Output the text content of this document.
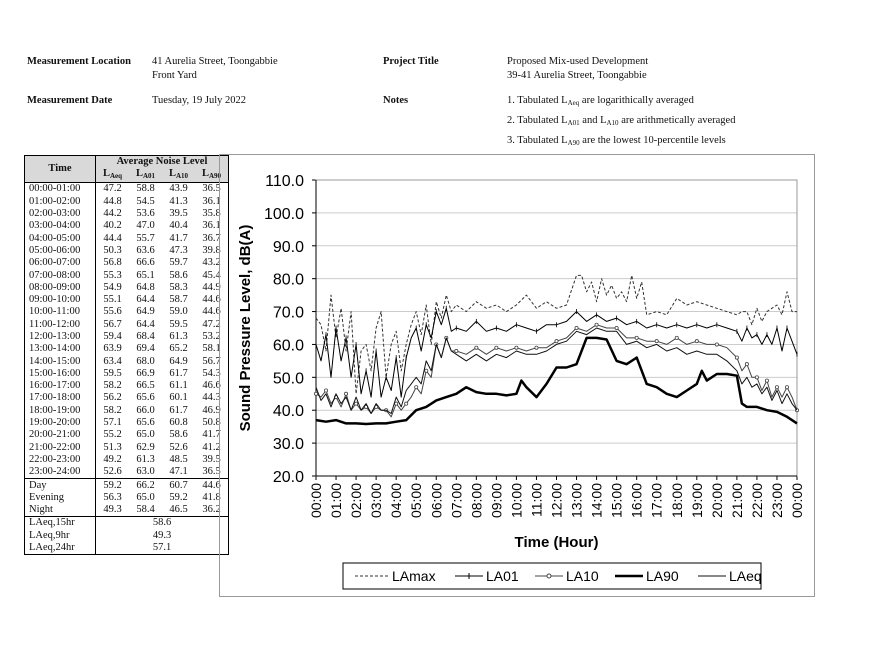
Measurement Location 41 Aurelia Street, Toongabbie
Front Yard
Project Title	Proposed Mix-used Development
39-41 Aurelia Street, Toongabbie
Measurement Date	Tuesday, 19 July 2022	Notes	1. Tabulated $L_{Aeq}$ are logarithically averaged
2. Tabulated $L_{A01}$ and $L_{A10}$ are arithmetically averaged
3. Tabulated $L_{A90}$ are the lowest 10-percentile levels
Time	Average Noise Level			
	$L_{Aeq}$	$L_{A01}$	$L_{A10}$	$L_{A90}$
00:00-01:00	47.2	58.8	43.9	36.5
01:00-02:00	44.8	54.5	41.3	36.1
02:00-03:00	44.2	53.6	39.5	35.8
03:00-04:00	40.2	47.0	40.4	36.1
04:00-05:00	44.4	55.7	41.7	36.7
05:00-06:00	50.3	63.6	47.3	39.8
06:00-07:00	56.8	66.6	59.7	43.2
07:00-08:00	55.3	65.1	58.6	45.4
08:00-09:00	54.9	64.8	58.3	44.9
09:00-10:00	55.1	64.4	58.7	44.6
10:00-11:00	55.6	64.9	59.0	44.6
11:00-12:00	56.7	64.4	59.5	47.2
12:00-13:00	59.4	68.4	61.3	53.2
13:00-14:00	63.9	69.4	65.2	58.1
14:00-15:00	63.4	68.0	64.9	56.7
15:00-16:00	59.5	66.9	61.7	54.3
16:00-17:00	58.2	66.5	61.1	46.6
17:00-18:00	56.2	65.6	60.1	44.3
18:00-19:00	58.2	66.0	61.7	46.9
19:00-20:00	57.1	65.6	60.8	50.8
20:00-21:00	55.2	65.0	58.6	41.7
21:00-22:00	51.3	62.9	52.6	41.2
22:00-23:00	49.2	61.3	48.5	39.5
23:00-24:00	52.6	63.0	47.1	36.5
Day	59.2	66.2	60.7	44.6
Evening	56.3	65.0	59.2	41.8
Night	49.3	58.4	46.5	36.2
LAeq,15hr	58.6			
LAeq,9hr	49.3			
LAeq,24hr	57.1			
20.0
30.0
40.0
50.0
60.0
70.0
80.0
90.0
100.0
110.0
00:00 01:00 02:00 03:00 04:00 05:00 06:00 07:00 08:00 09:00 10:00 11:00 12:00 13:00 14:00 15:00 16:00 17:00 18:00 19:00 20:00 21:00 22:00 23:00 00:00
Sound Pressure Level, dB(A)
Time (Hour)
LAmax	LA01	LA10	LA90	LAeq
